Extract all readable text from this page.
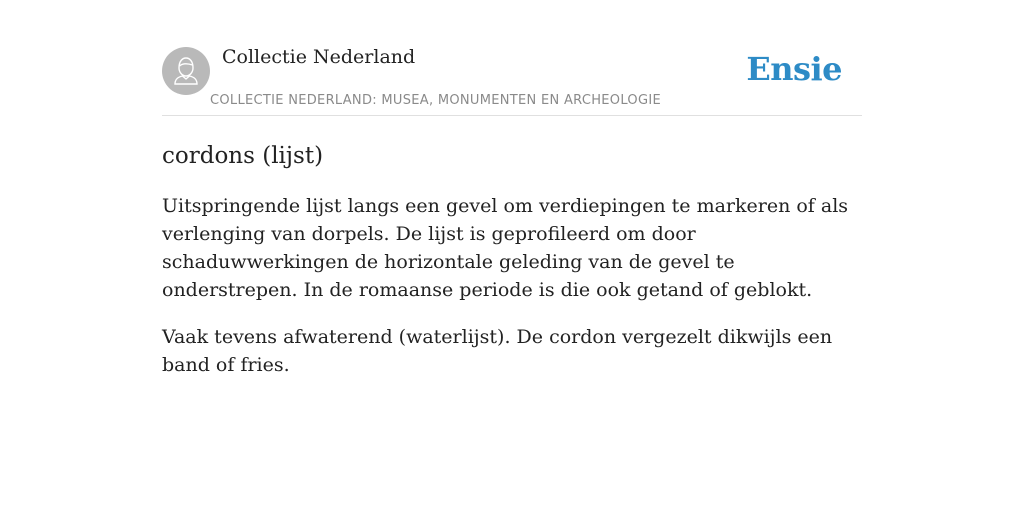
Collectie Nederland
COLLECTIE NEDERLAND: MUSEA, MONUMENTEN EN ARCHEOLOGIE
Ensie
cordons (lijst)

Uitspringende lijst langs een gevel om verdiepingen te markeren of als verlenging van dorpels. De lijst is geprofileerd om door schaduwwerkingen de horizontale geleding van de gevel te onderstrepen. In de romaanse periode is die ook getand of geblokt.

Vaak tevens afwaterend (waterlijst). De cordon vergezelt dikwijls een band of fries.
